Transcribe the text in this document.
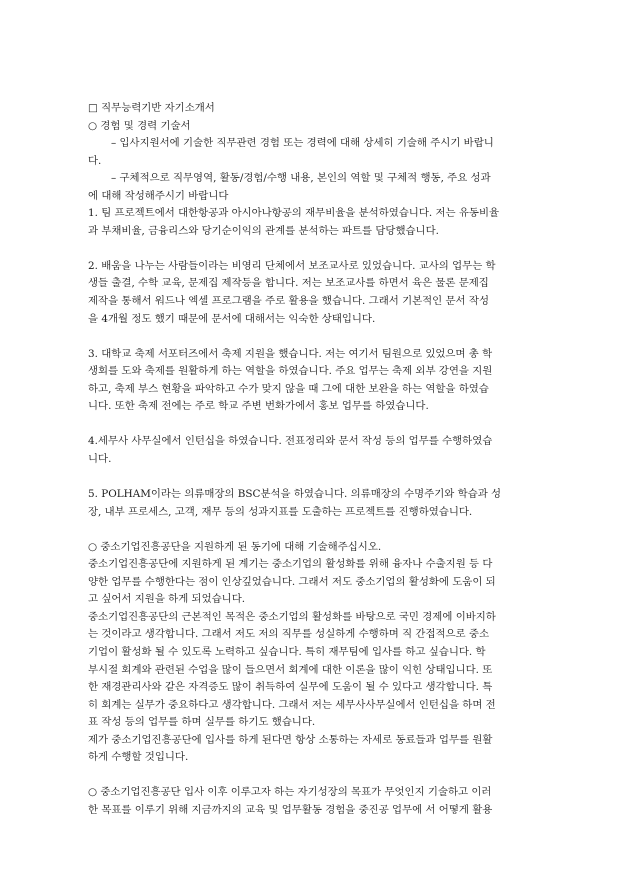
□ 직무능력기반 자기소개서
○ 경험 및 경력 기술서
– 입사지원서에 기술한 직무관련 경험 또는 경력에 대해 상세히 기술해 주시기 바랍니
다.
– 구체적으로 직무영역, 활동/경험/수행 내용, 본인의 역할 및 구체적 행동, 주요 성과
에 대해 작성해주시기 바랍니다
1. 팀 프로젝트에서 대한항공과 아시아나항공의 재무비율을 분석하였습니다. 저는 유동비율
과 부채비율, 금융리스와 당기순이익의 관계를 분석하는 파트를 담당했습니다.
2. 배움을 나누는 사람들이라는 비영리 단체에서 보조교사로 있었습니다. 교사의 업무는 학
생들 출결, 수학 교육, 문제집 제작등을 합니다. 저는 보조교사를 하면서 육은 물론 문제집
제작을 통해서 워드나 엑셀 프로그램을 주로 활용을 했습니다. 그래서 기본적인 문서 작성
을 4개월 정도 했기 때문에 문서에 대해서는 익숙한 상태입니다.
3. 대학교 축제 서포터즈에서 축제 지원을 했습니다. 저는 여기서 팀원으로 있었으며 총 학
생회를 도와 축제를 원활하게 하는 역할을 하였습니다. 주요 업무는 축제 외부 강연을 지원
하고, 축제 부스 현황을 파악하고 수가 맞지 않을 때 그에 대한 보완을 하는 역할을 하였습
니다. 또한 축제 전에는 주로 학교 주변 번화가에서 홍보 업무를 하였습니다.
4.세무사 사무실에서 인턴십을 하였습니다. 전표정리와 문서 작성 등의 업무를 수행하였습
니다.
5. POLHAM이라는 의류매장의 BSC분석을 하였습니다. 의류매장의 수명주기와 학습과 성
장, 내부 프로세스, 고객, 재무 등의 성과지표를 도출하는 프로젝트를 진행하였습니다.
○ 중소기업진흥공단을 지원하게 된 동기에 대해 기술해주십시오.
중소기업진흥공단에 지원하게 된 계기는 중소기업의 활성화를 위해 융자나 수출지원 등 다
양한 업무를 수행한다는 점이 인상깊었습니다. 그래서 저도 중소기업의 활성화에 도움이 되
고 싶어서 지원을 하게 되었습니다.
중소기업진흥공단의 근본적인 목적은 중소기업의 활성화를 바탕으로 국민 경제에 이바지하
는 것이라고 생각합니다. 그래서 저도 저의 직무를 성실하게 수행하며 직 간접적으로 중소
기업이 활성화 될 수 있도록 노력하고 싶습니다. 특히 재무팀에 입사를 하고 싶습니다. 학
부시절 회계와 관련된 수업을 많이 들으면서 회계에 대한 이론을 많이 익힌 상태입니다. 또
한 재경관리사와 같은 자격증도 많이 취득하여 실무에 도움이 될 수 있다고 생각합니다. 특
히 회계는 실무가 중요하다고 생각합니다. 그래서 저는 세무사사무실에서 인턴십을 하며 전
표 작성 등의 업무를 하며 실무를 하기도 했습니다.
제가 중소기업진흥공단에 입사를 하게 된다면 항상 소통하는 자세로 동료들과 업무를 원활
하게 수행할 것입니다.
○ 중소기업진흥공단 입사 이후 이루고자 하는 자기성장의 목표가 무엇인지 기술하고 이러
한 목표를 이루기 위해 지금까지의 교육 및 업무활동 경험을 중진공 업무에 서 어떻게 활용
